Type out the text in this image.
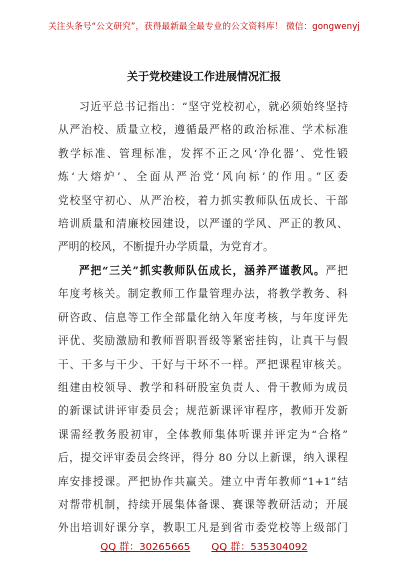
关注头条号“公文研究”，获得最新最全最专业的公文资料库！ 微信：gongwenyj
关于党校建设工作进展情况汇报
习近平总书记指出：“坚守党校初心，就必须始终坚持
从严治校、质量立校，遵循最严格的政治标准、学术标准
教学标准、管理标准，发挥不正之风‘净化器’、党性锻
炼‘大熔炉’、全面从严治党‘风向标’的作用。”区委
党校坚守初心、从严治校，着力抓实教师队伍成长、干部
培训质量和清廉校园建设，以严谨的学风、严正的教风、
严明的校风，不断提升办学质量，为党育才。
严把“三关”抓实教师队伍成长，涵养严谨教风。严把
年度考核关。制定教师工作量管理办法，将教学教务、科
研咨政、信息等工作全部量化纳入年度考核，与年度评先
评优、奖励激励和教师晋职晋级等紧密挂钩，让真干与假
干、干多与干少、干好与干坏不一样。严把课程审核关。
组建由校领导、教学和科研股室负责人、骨干教师为成员
的新课试讲评审委员会；规范新课评审程序，教师开发新
课需经教务股初审，全体教师集体听课并评定为“合格”
后，提交评审委员会终评，得分 80 分以上新课，纳入课程
库安排授课。严把协作共赢关。建立中青年教师“1+1”结
对帮带机制，持续开展集体备课、赛课等教研活动；开展
外出培训好课分享，教职工凡是到省市委党校等上级部门
QQ 群：30265665 QQ 群：535304092
